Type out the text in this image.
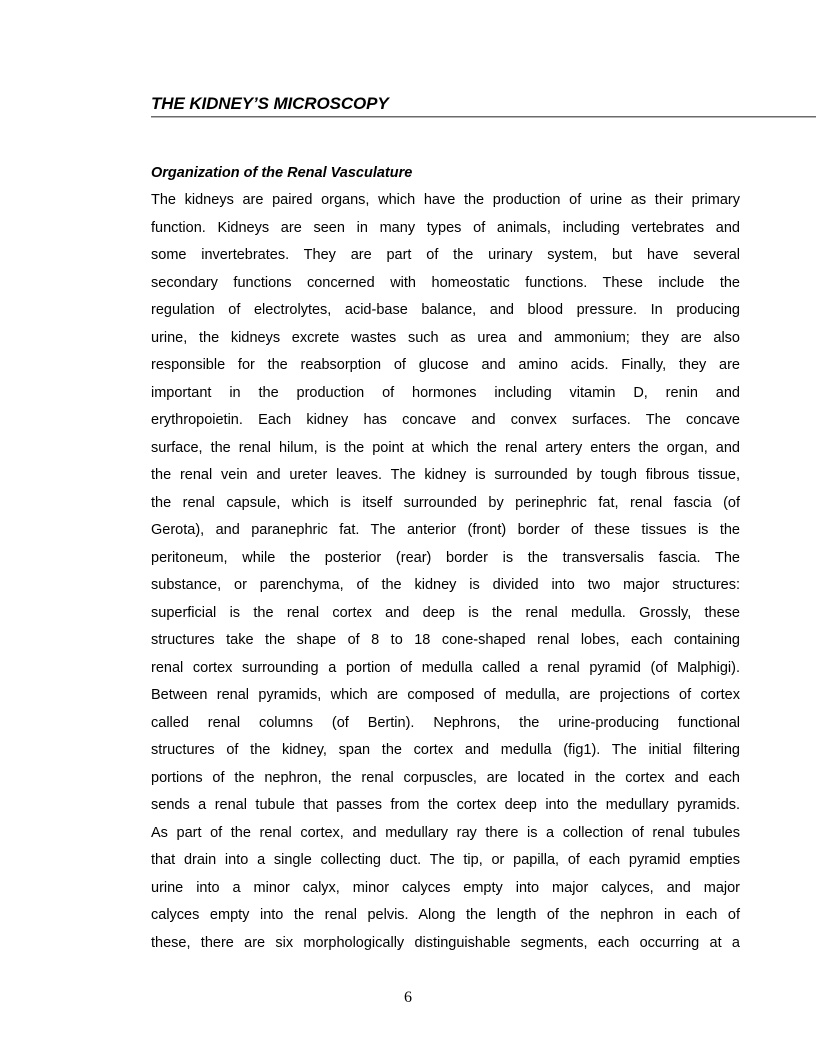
THE KIDNEY’S MICROSCOPY
Organization of the Renal Vasculature
The kidneys are paired organs, which have the production of urine as their primary
function. Kidneys are seen in many types of animals, including vertebrates and
some invertebrates. They are part of the urinary system, but have several
secondary functions concerned with homeostatic functions. These include the
regulation of electrolytes, acid-base balance, and blood pressure. In producing
urine, the kidneys excrete wastes such as urea and ammonium; they are also
responsible for the reabsorption of glucose and amino acids. Finally, they are
important in the production of hormones including vitamin D, renin and
erythropoietin. Each kidney has concave and convex surfaces. The concave
surface, the renal hilum, is the point at which the renal artery enters the organ, and
the renal vein and ureter leaves. The kidney is surrounded by tough fibrous tissue,
the renal capsule, which is itself surrounded by perinephric fat, renal fascia (of
Gerota), and paranephric fat. The anterior (front) border of these tissues is the
peritoneum, while the posterior (rear) border is the transversalis fascia. The
substance, or parenchyma, of the kidney is divided into two major structures:
superficial is the renal cortex and deep is the renal medulla. Grossly, these
structures take the shape of 8 to 18 cone-shaped renal lobes, each containing
renal cortex surrounding a portion of medulla called a renal pyramid (of Malphigi).
Between renal pyramids, which are composed of medulla, are projections of cortex
called renal columns (of Bertin). Nephrons, the urine-producing functional
structures of the kidney, span the cortex and medulla (fig1). The initial filtering
portions of the nephron, the renal corpuscles, are located in the cortex and each
sends a renal tubule that passes from the cortex deep into the medullary pyramids.
As part of the renal cortex, and medullary ray there is a collection of renal tubules
that drain into a single collecting duct. The tip, or papilla, of each pyramid empties
urine into a minor calyx, minor calyces empty into major calyces, and major
calyces empty into the renal pelvis. Along the length of the nephron in each of
these, there are six morphologically distinguishable segments, each occurring at a
6
